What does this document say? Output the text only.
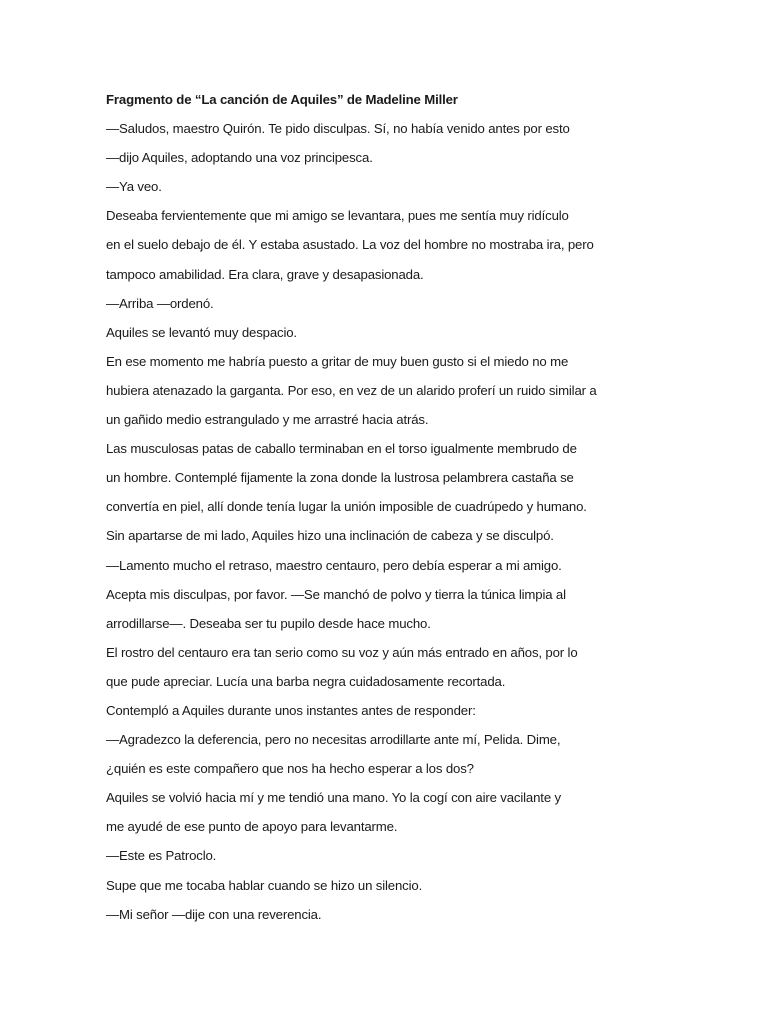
Fragmento de “La canción de Aquiles” de Madeline Miller
—Saludos, maestro Quirón. Te pido disculpas. Sí, no había venido antes por esto
—dijo Aquiles, adoptando una voz principesca.
—Ya veo.
Deseaba fervientemente que mi amigo se levantara, pues me sentía muy ridículo
en el suelo debajo de él. Y estaba asustado. La voz del hombre no mostraba ira, pero
tampoco amabilidad. Era clara, grave y desapasionada.
—Arriba —ordenó.
Aquiles se levantó muy despacio.
En ese momento me habría puesto a gritar de muy buen gusto si el miedo no me
hubiera atenazado la garganta. Por eso, en vez de un alarido proferí un ruido similar a
un gañido medio estrangulado y me arrastré hacia atrás.
Las musculosas patas de caballo terminaban en el torso igualmente membrudo de
un hombre. Contemplé fijamente la zona donde la lustrosa pelambrera castaña se
convertía en piel, allí donde tenía lugar la unión imposible de cuadrúpedo y humano.
Sin apartarse de mi lado, Aquiles hizo una inclinación de cabeza y se disculpó.
—Lamento mucho el retraso, maestro centauro, pero debía esperar a mi amigo.
Acepta mis disculpas, por favor. —Se manchó de polvo y tierra la túnica limpia al
arrodillarse—. Deseaba ser tu pupilo desde hace mucho.
El rostro del centauro era tan serio como su voz y aún más entrado en años, por lo
que pude apreciar. Lucía una barba negra cuidadosamente recortada.
Contempló a Aquiles durante unos instantes antes de responder:
—Agradezco la deferencia, pero no necesitas arrodillarte ante mí, Pelida. Dime,
¿quién es este compañero que nos ha hecho esperar a los dos?
Aquiles se volvió hacia mí y me tendió una mano. Yo la cogí con aire vacilante y
me ayudé de ese punto de apoyo para levantarme.
—Este es Patroclo.
Supe que me tocaba hablar cuando se hizo un silencio.
—Mi señor —dije con una reverencia.
